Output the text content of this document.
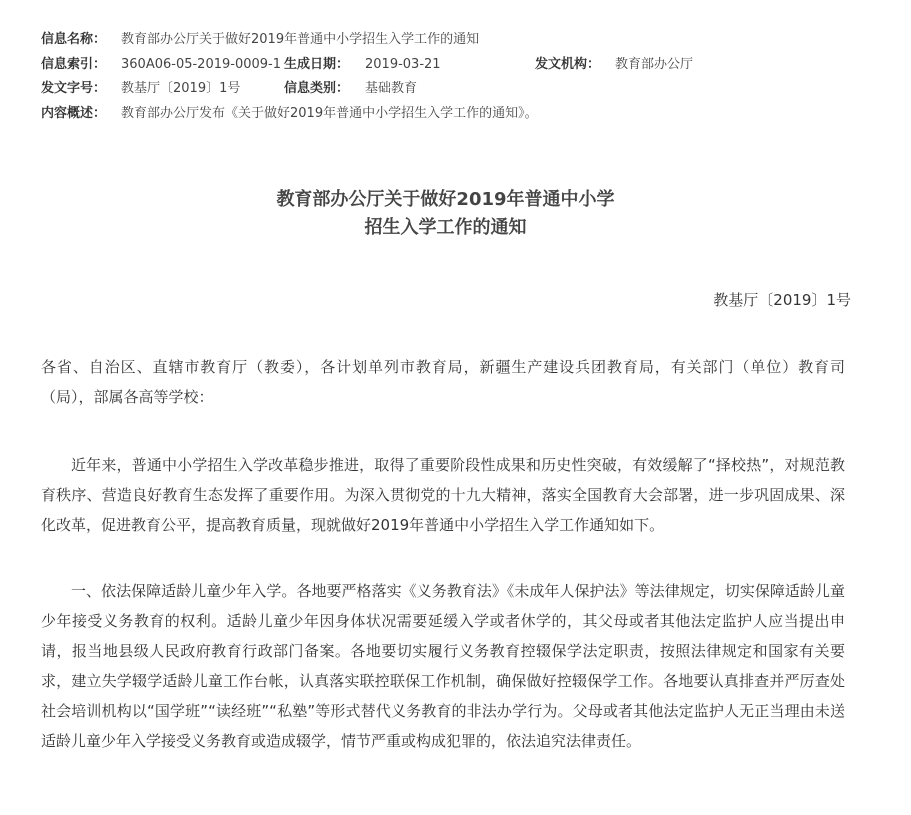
信息名称：	教育部办公厅关于做好2019年普通中小学招生入学工作的通知
信息索引：	360A06-05-2019-0009-1 生成日期：	2019-03-21	发文机构：	教育部办公厅
发文字号：	教基厅〔2019〕1号	信息类别：	基础教育
内容概述：	教育部办公厅发布《关于做好2019年普通中小学招生入学工作的通知》。
教育部办公厅关于做好2019年普通中小学
招生入学工作的通知
教基厅〔2019〕1号

各省、自治区、直辖市教育厅（教委），各计划单列市教育局，新疆生产建设兵团教育局，有关部门（单位）教育司（局），部属各高等学校：

近年来，普通中小学招生入学改革稳步推进，取得了重要阶段性成果和历史性突破，有效缓解了“择校热”，对规范教育秩序、营造良好教育生态发挥了重要作用。为深入贯彻党的十九大精神，落实全国教育大会部署，进一步巩固成果、深化改革，促进教育公平，提高教育质量，现就做好2019年普通中小学招生入学工作通知如下。

一、依法保障适龄儿童少年入学。各地要严格落实《义务教育法》《未成年人保护法》等法律规定，切实保障适龄儿童少年接受义务教育的权利。适龄儿童少年因身体状况需要延缓入学或者休学的，其父母或者其他法定监护人应当提出申请，报当地县级人民政府教育行政部门备案。各地要切实履行义务教育控辍保学法定职责，按照法律规定和国家有关要求，建立失学辍学适龄儿童工作台帐，认真落实联控联保工作机制，确保做好控辍保学工作。各地要认真排查并严厉查处社会培训机构以“国学班”“读经班”“私塾”等形式替代义务教育的非法办学行为。父母或者其他法定监护人无正当理由未送适龄儿童少年入学接受义务教育或造成辍学，情节严重或构成犯罪的，依法追究法律责任。
